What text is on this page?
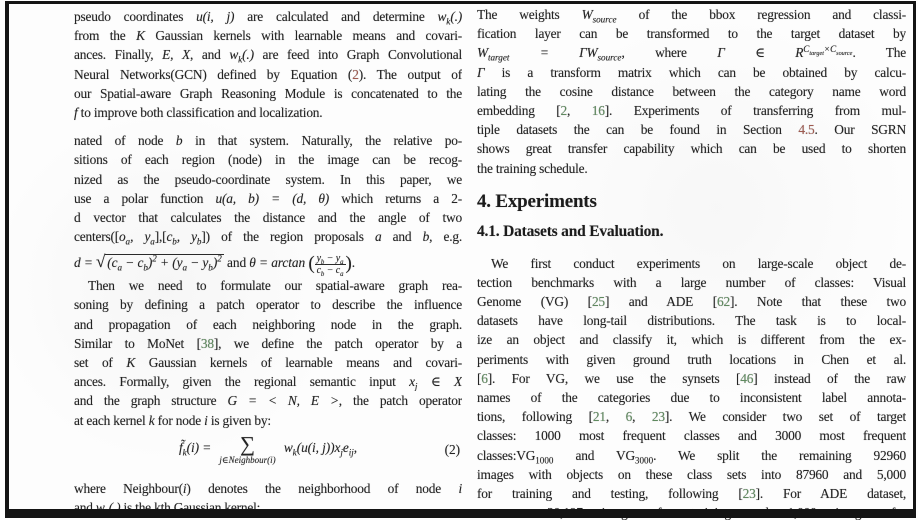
pseudo coordinates u(i, j) are calculated and determine $w_k(.)$
from the K Gaussian kernels with learnable means and covari-
ances. Finally, E, X, and $w_k(.)$ are feed into Graph Convolutional
Neural Networks(GCN) defined by Equation (2). The output of
our Spatial-aware Graph Reasoning Module is concatenated to the
f to improve both classification and localization.
nated of node b in that system. Naturally, the relative po-
sitions of each region (node) in the image can be recog-
nized as the pseudo-coordinate system. In this paper, we
use a polar function u(a, b) = (d, θ) which returns a 2-
d vector that calculates the distance and the angle of two
$centers([o_a$, $y_a],[c_b$, $y_b$]) of the region proposals a and b, e.g.
d = √ $(c_a - c_b)^2 + (y_a - y_b)^2$ and θ = arctan ( $\frac{y_b - y_a}{c_b - c_a}$ ).
Then we need to formulate our spatial-aware graph rea-
soning by defining a patch operator to describe the influence
and propagation of each neighboring node in the graph.
Similar to MoNet [38], we define the patch operator by a
set of K Gaussian kernels of learnable means and covari-
ances. Formally, given the regional semantic input $x_j$ ∈ X
and the graph structure G = < N, E >, the patch operator
at each kernel k for node i is given by:
$f̃_k(i)$ = ∑
j∈Neighbour(i)
$w_k(u(i$, $j))x_je_{ij}$,	(2)
where Neighbour(i) denotes the neighborhood of node i
and $w_k(.)$ is the kth Gaussian kernel:
The weights $W_{source}$ of the bbox regression and classi-
fication layer can be transformed to the target dataset by
$W_{target} = \Gamma W_{source}$, where Γ ∈ $R^{C_{target}\times C_{source}}$. The
Γ is a transform matrix which can be obtained by calcu-
lating the cosine distance between the category name word
embedding [2, 16]. Experiments of transferring from mul-
tiple datasets the can be found in Section 4.5. Our SGRN
shows great transfer capability which can be used to shorten
the training schedule.
4. Experiments
4.1. Datasets and Evaluation.
We first conduct experiments on large-scale object de-
tection benchmarks with a large number of classes: Visual
Genome (VG) [25] and ADE [62]. Note that these two
datasets have long-tail distributions. The task is to local-
ize an object and classify it, which is different from the ex-
periments with given ground truth locations in Chen et al.
[6]. For VG, we use the synsets [46] instead of the raw
names of the categories due to inconsistent label annota-
tions, following [21, 6, 23]. We consider two set of target
classes: 1000 most frequent classes and 3000 most frequent
$classes:VG_{1000}$ and $VG_{3000}$. We split the remaining 92960
images with objects on these class sets into 87960 and 5,000
for training and testing, following [23]. For ADE dataset,
we use 20,197 images for training and 1,000 images for
